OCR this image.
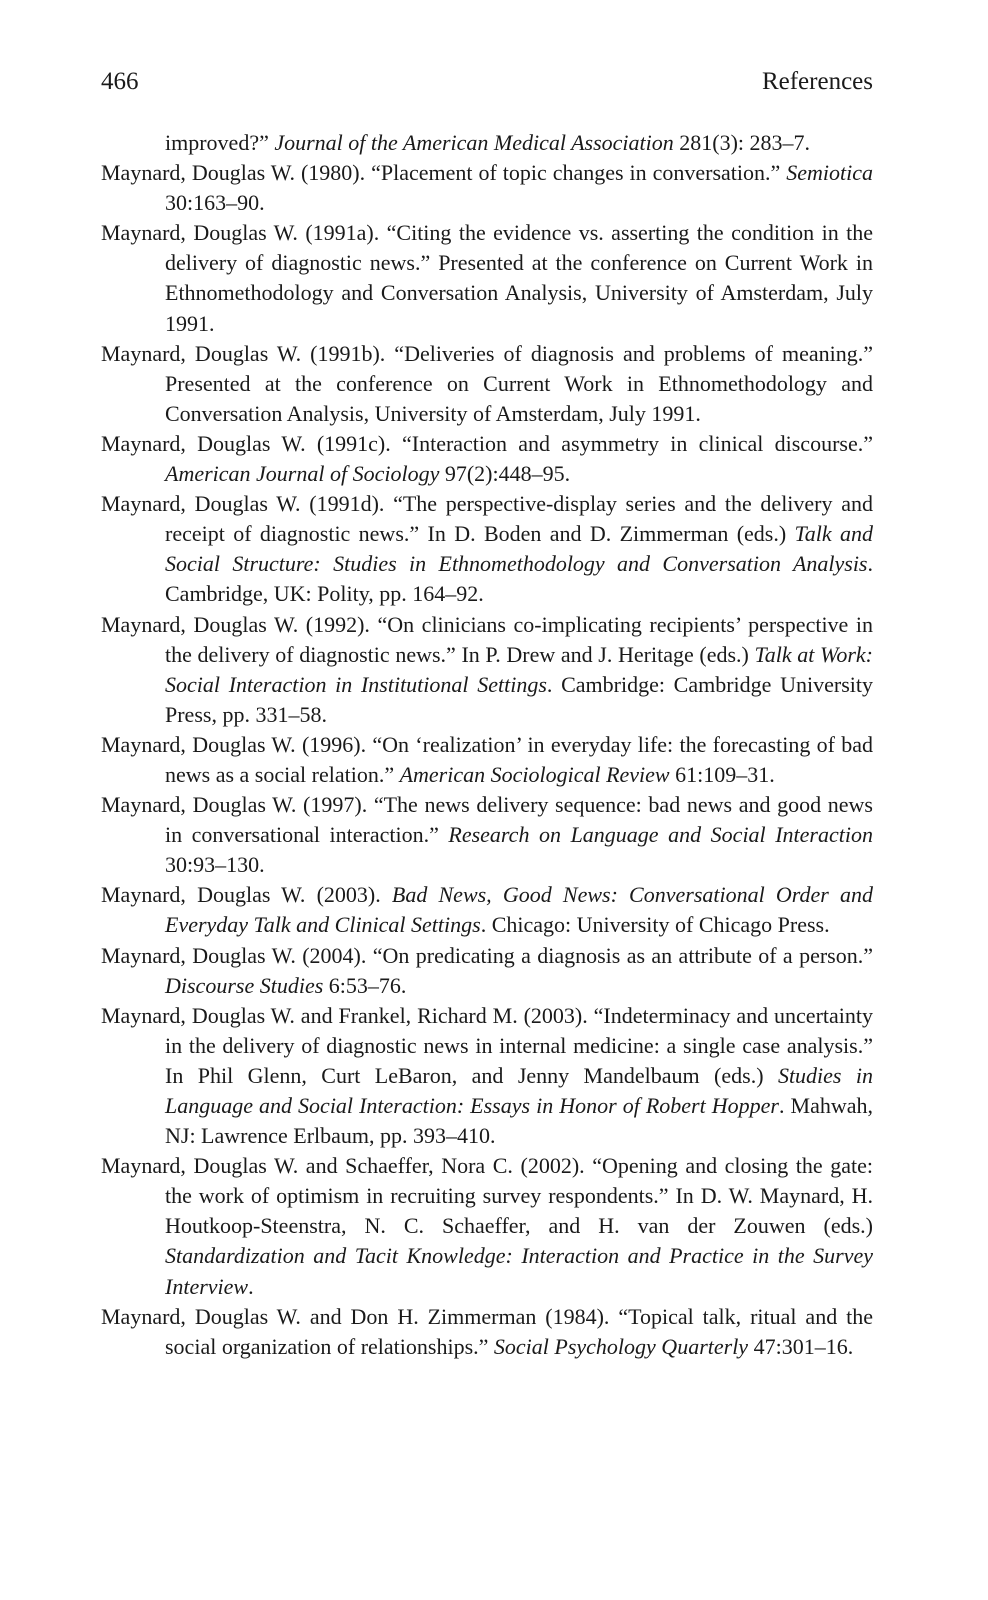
466	References

improved?” Journal of the American Medical Association 281(3): 283–7.

Maynard, Douglas W. (1980). “Placement of topic changes in conversation.” Semiotica 30:163–90.

Maynard, Douglas W. (1991a). “Citing the evidence vs. asserting the condition in the delivery of diagnostic news.” Presented at the conference on Current Work in Ethnomethodology and Conversation Analysis, University of Amsterdam, July 1991.

Maynard, Douglas W. (1991b). “Deliveries of diagnosis and problems of meaning.” Presented at the conference on Current Work in Ethnomethodology and Conversation Analysis, University of Amsterdam, July 1991.

Maynard, Douglas W. (1991c). “Interaction and asymmetry in clinical discourse.” American Journal of Sociology 97(2):448–95.

Maynard, Douglas W. (1991d). “The perspective-display series and the delivery and receipt of diagnostic news.” In D. Boden and D. Zimmerman (eds.) Talk and Social Structure: Studies in Ethnomethodology and Conversation Analysis. Cambridge, UK: Polity, pp. 164–92.

Maynard, Douglas W. (1992). “On clinicians co-implicating recipients’ perspective in the delivery of diagnostic news.” In P. Drew and J. Heritage (eds.) Talk at Work: Social Interaction in Institutional Settings. Cambridge: Cambridge University Press, pp. 331–58.

Maynard, Douglas W. (1996). “On ‘realization’ in everyday life: the forecasting of bad news as a social relation.” American Sociological Review 61:109–31.

Maynard, Douglas W. (1997). “The news delivery sequence: bad news and good news in conversational interaction.” Research on Language and Social Interaction 30:93–130.

Maynard, Douglas W. (2003). Bad News, Good News: Conversational Order and Everyday Talk and Clinical Settings. Chicago: University of Chicago Press.

Maynard, Douglas W. (2004). “On predicating a diagnosis as an attribute of a person.” Discourse Studies 6:53–76.

Maynard, Douglas W. and Frankel, Richard M. (2003). “Indeterminacy and uncertainty in the delivery of diagnostic news in internal medicine: a single case analysis.” In Phil Glenn, Curt LeBaron, and Jenny Mandelbaum (eds.) Studies in Language and Social Interaction: Essays in Honor of Robert Hopper. Mahwah, NJ: Lawrence Erlbaum, pp. 393–410.

Maynard, Douglas W. and Schaeffer, Nora C. (2002). “Opening and closing the gate: the work of optimism in recruiting survey respondents.” In D. W. Maynard, H. Houtkoop-Steenstra, N. C. Schaeffer, and H. van der Zouwen (eds.) Standardization and Tacit Knowledge: Interaction and Practice in the Survey Interview.

Maynard, Douglas W. and Don H. Zimmerman (1984). “Topical talk, ritual and the social organization of relationships.” Social Psychology Quarterly 47:301–16.
